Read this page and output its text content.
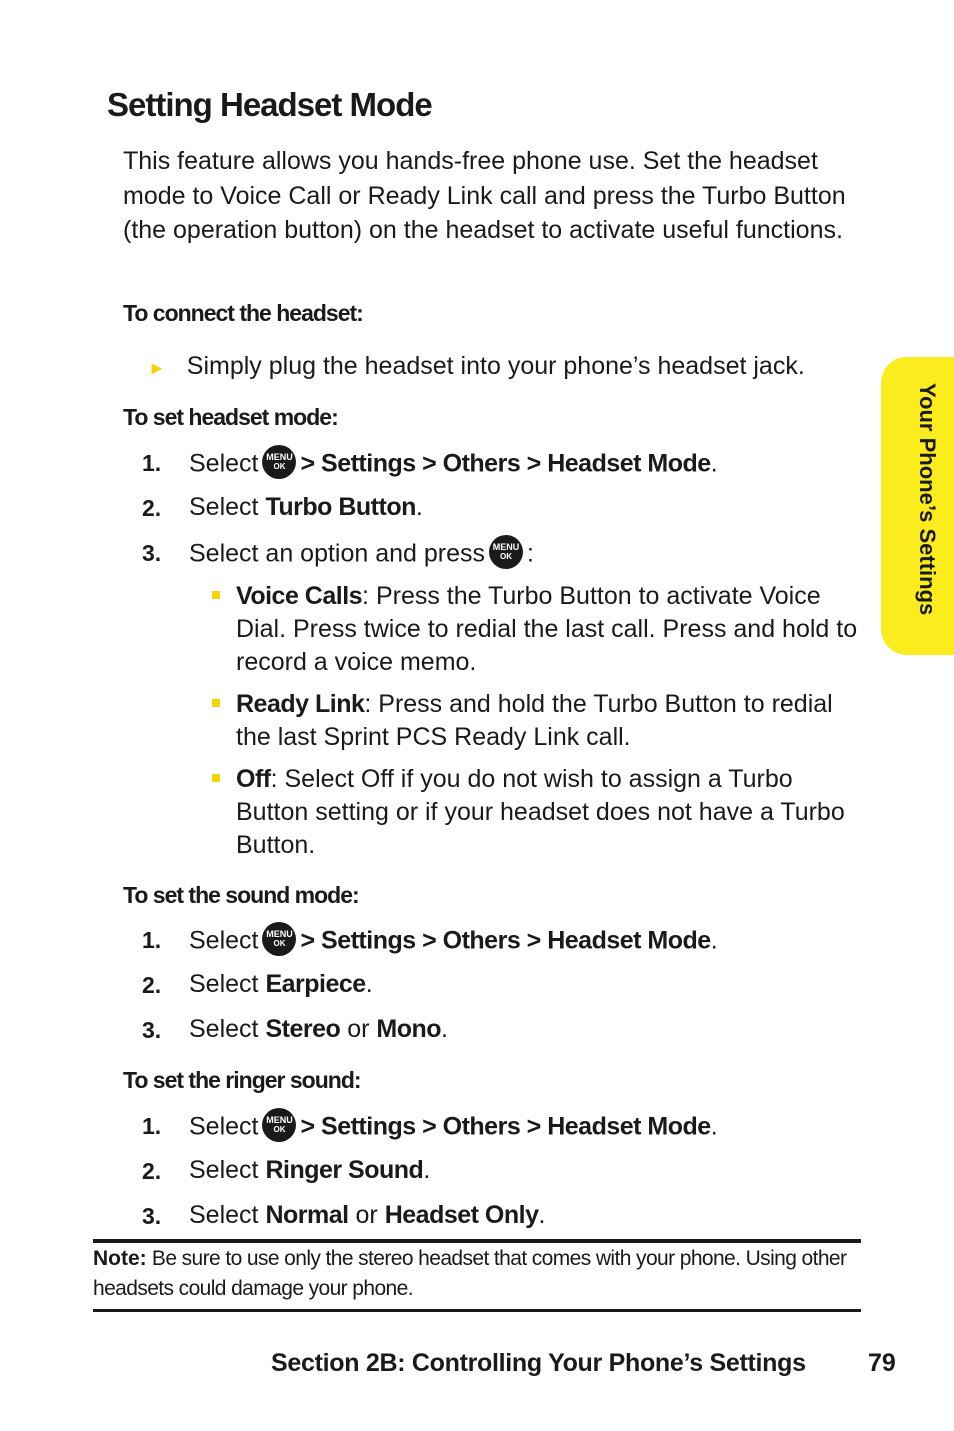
Setting Headset Mode
This feature allows you hands-free phone use. Set the headset mode to Voice Call or Ready Link call and press the Turbo Button (the operation button) on the headset to activate useful functions.
To connect the headset:
► Simply plug the headset into your phone’s headset jack.
To set headset mode:
1. Select MENU
OK > Settings > Others > Headset Mode.
2. Select Turbo Button.
3. Select an option and press MENU
OK :
Voice Calls: Press the Turbo Button to activate Voice Dial. Press twice to redial the last call. Press and hold to record a voice memo.
Ready Link: Press and hold the Turbo Button to redial the last Sprint PCS Ready Link call.
Off: Select Off if you do not wish to assign a Turbo Button setting or if your headset does not have a Turbo Button.
To set the sound mode:
1. Select MENU
OK > Settings > Others > Headset Mode.
2. Select Earpiece.
3. Select Stereo or Mono.
To set the ringer sound:
1. Select MENU
OK > Settings > Others > Headset Mode.
2. Select Ringer Sound.
3. Select Normal or Headset Only.
Note: Be sure to use only the stereo headset that comes with your phone. Using other headsets could damage your phone.
Your Phone’s Settings
Section 2B: Controlling Your Phone’s Settings 79
